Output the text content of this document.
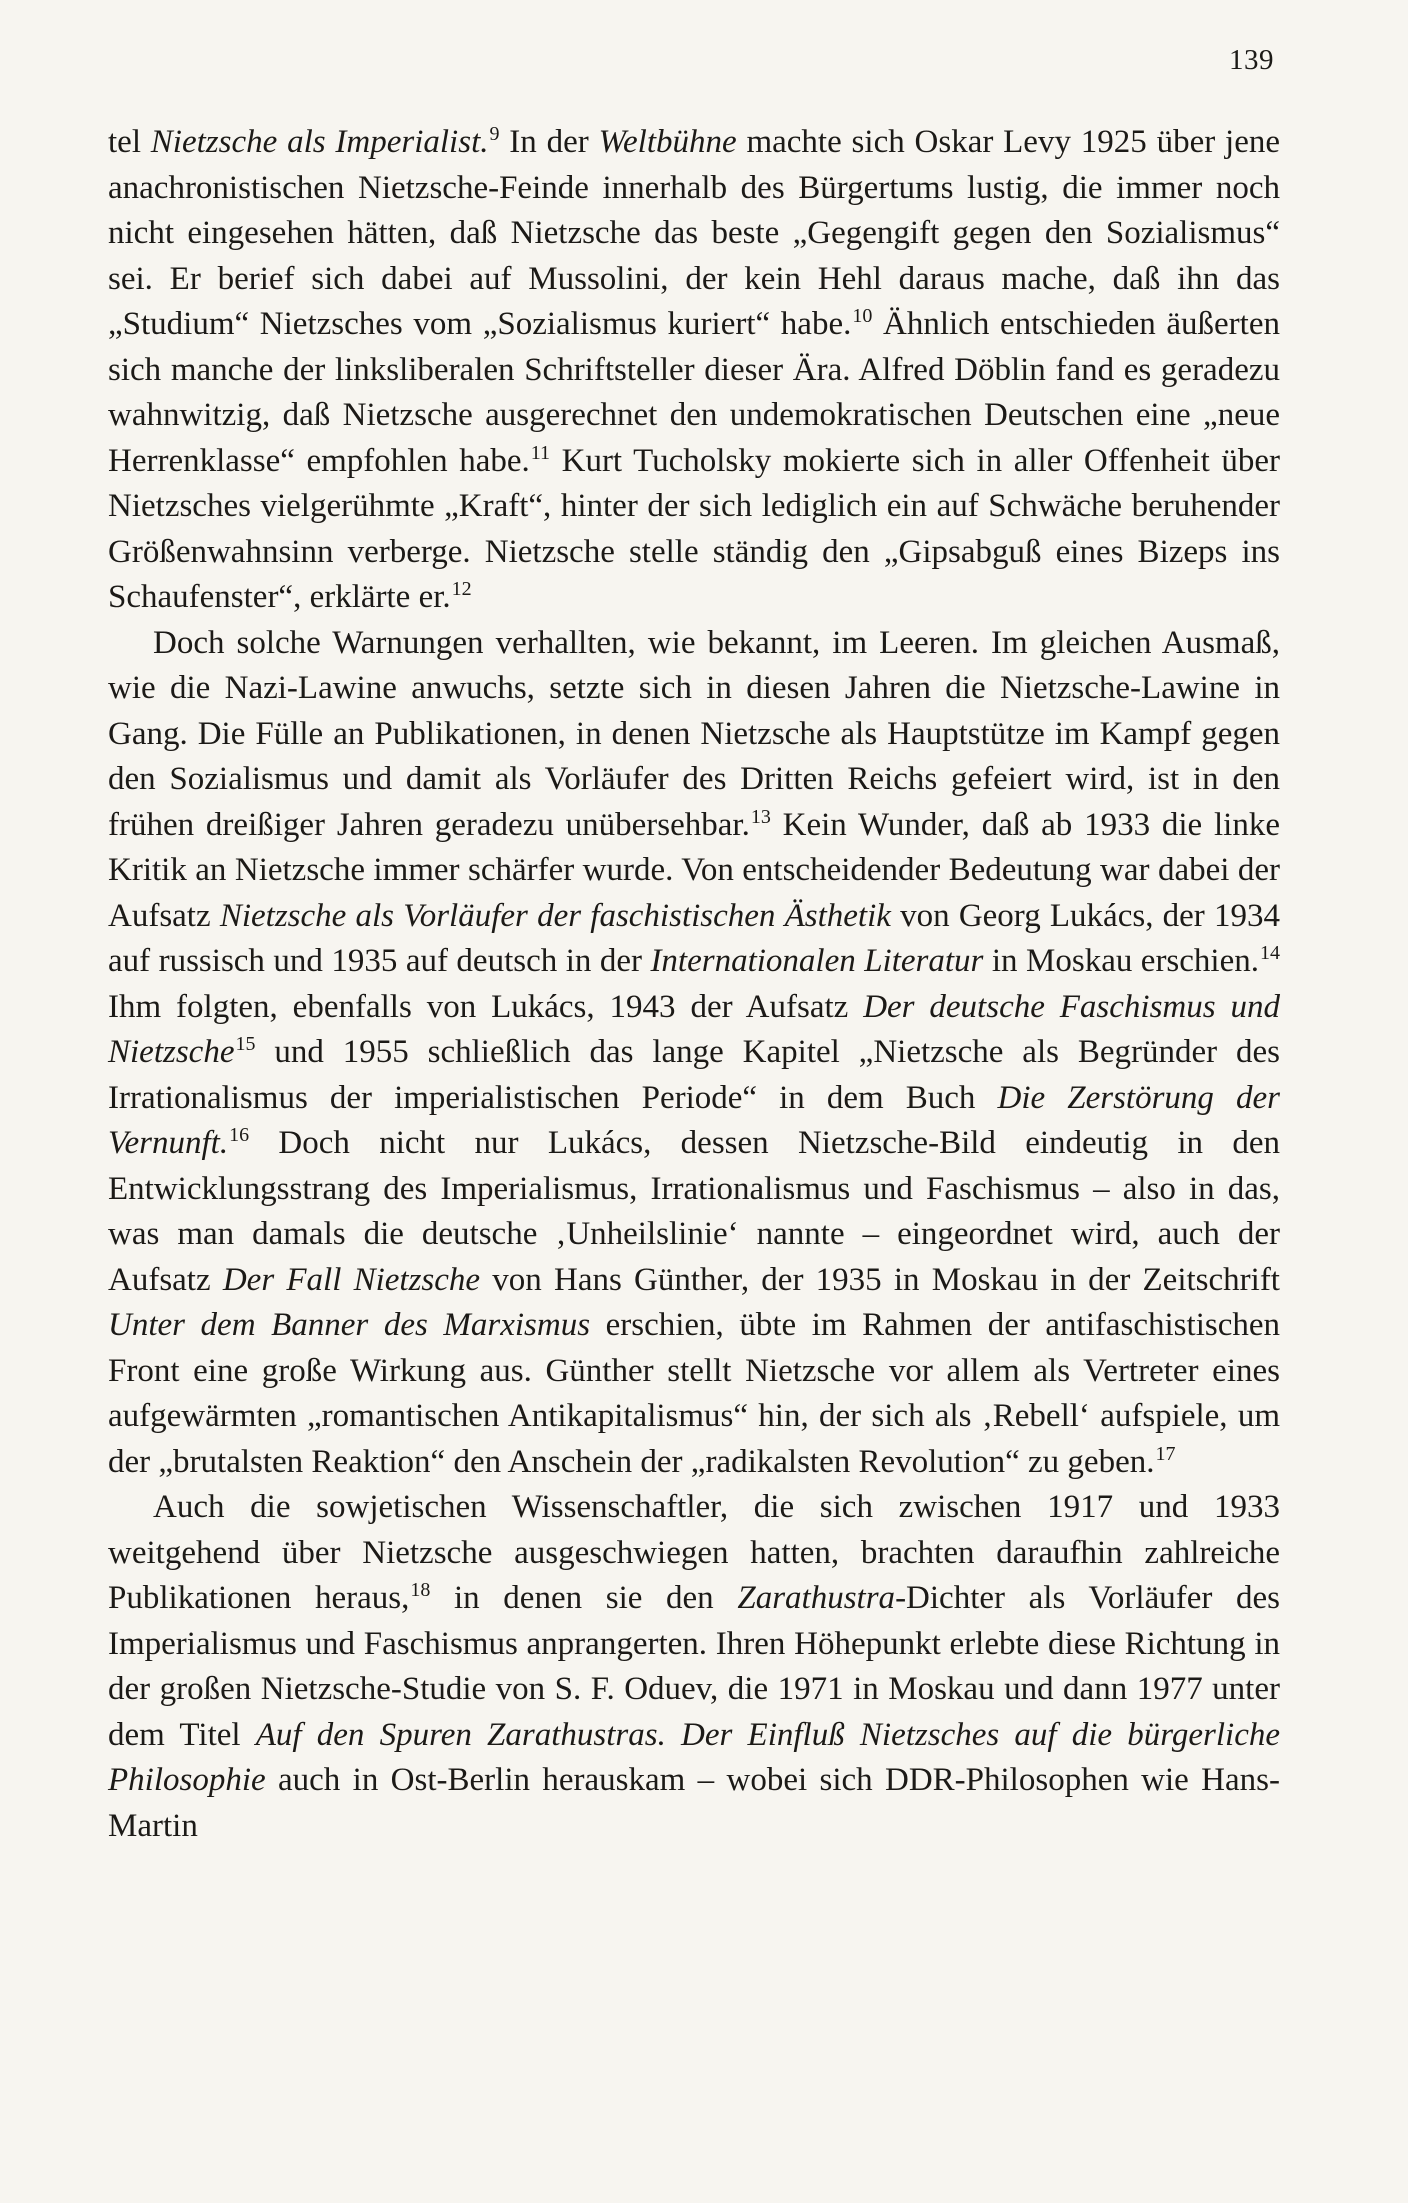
139

tel Nietzsche als Imperialist.$^9$ In der Weltbühne machte sich Oskar Levy 1925 über jene anachronistischen Nietzsche-Feinde innerhalb des Bürgertums lustig, die immer noch nicht eingesehen hätten, daß Nietzsche das beste „Gegengift gegen den Sozialismus“ sei. Er berief sich dabei auf Mussolini, der kein Hehl daraus mache, daß ihn das „Studium“ Nietzsches vom „Sozialismus kuriert“ habe.$^{10}$ Ähnlich entschieden äußerten sich manche der linksliberalen Schriftsteller dieser Ära. Alfred Döblin fand es geradezu wahnwitzig, daß Nietzsche ausgerechnet den undemokratischen Deutschen eine „neue Herrenklasse“ empfohlen habe.$^{11}$ Kurt Tucholsky mokierte sich in aller Offenheit über Nietzsches vielgerühmte „Kraft“, hinter der sich lediglich ein auf Schwäche beruhender Größenwahnsinn verberge. Nietzsche stelle ständig den „Gipsabguß eines Bizeps ins Schaufenster“, erklärte er.$^{12}$

Doch solche Warnungen verhallten, wie bekannt, im Leeren. Im gleichen Ausmaß, wie die Nazi-Lawine anwuchs, setzte sich in diesen Jahren die Nietzsche-Lawine in Gang. Die Fülle an Publikationen, in denen Nietzsche als Hauptstütze im Kampf gegen den Sozialismus und damit als Vorläufer des Dritten Reichs gefeiert wird, ist in den frühen dreißiger Jahren geradezu unübersehbar.$^{13}$ Kein Wunder, daß ab 1933 die linke Kritik an Nietzsche immer schärfer wurde. Von entscheidender Bedeutung war dabei der Aufsatz Nietzsche als Vorläufer der faschistischen Ästhetik von Georg Lukács, der 1934 auf russisch und 1935 auf deutsch in der Internationalen Literatur in Moskau erschien.$^{14}$ Ihm folgten, ebenfalls von Lukács, 1943 der Aufsatz Der deutsche Faschismus und Nietzsche$^{15}$ und 1955 schließlich das lange Kapitel „Nietzsche als Begründer des Irrationalismus der imperialistischen Periode“ in dem Buch Die Zerstörung der Vernunft.$^{16}$ Doch nicht nur Lukács, dessen Nietzsche-Bild eindeutig in den Entwicklungsstrang des Imperialismus, Irrationalismus und Faschismus – also in das, was man damals die deutsche ‚Unheilslinie‘ nannte – eingeordnet wird, auch der Aufsatz Der Fall Nietzsche von Hans Günther, der 1935 in Moskau in der Zeitschrift Unter dem Banner des Marxismus erschien, übte im Rahmen der antifaschistischen Front eine große Wirkung aus. Günther stellt Nietzsche vor allem als Vertreter eines aufgewärmten „romantischen Antikapitalismus“ hin, der sich als ‚Rebell‘ aufspiele, um der „brutalsten Reaktion“ den Anschein der „radikalsten Revolution“ zu geben.$^{17}$

Auch die sowjetischen Wissenschaftler, die sich zwischen 1917 und 1933 weitgehend über Nietzsche ausgeschwiegen hatten, brachten daraufhin zahlreiche Publikationen heraus,$^{18}$ in denen sie den Zarathustra-Dichter als Vorläufer des Imperialismus und Faschismus anprangerten. Ihren Höhepunkt erlebte diese Richtung in der großen Nietzsche-Studie von S. F. Oduev, die 1971 in Moskau und dann 1977 unter dem Titel Auf den Spuren Zarathustras. Der Einfluß Nietzsches auf die bürgerliche Philosophie auch in Ost-Berlin herauskam – wobei sich DDR-Philosophen wie Hans-Martin
